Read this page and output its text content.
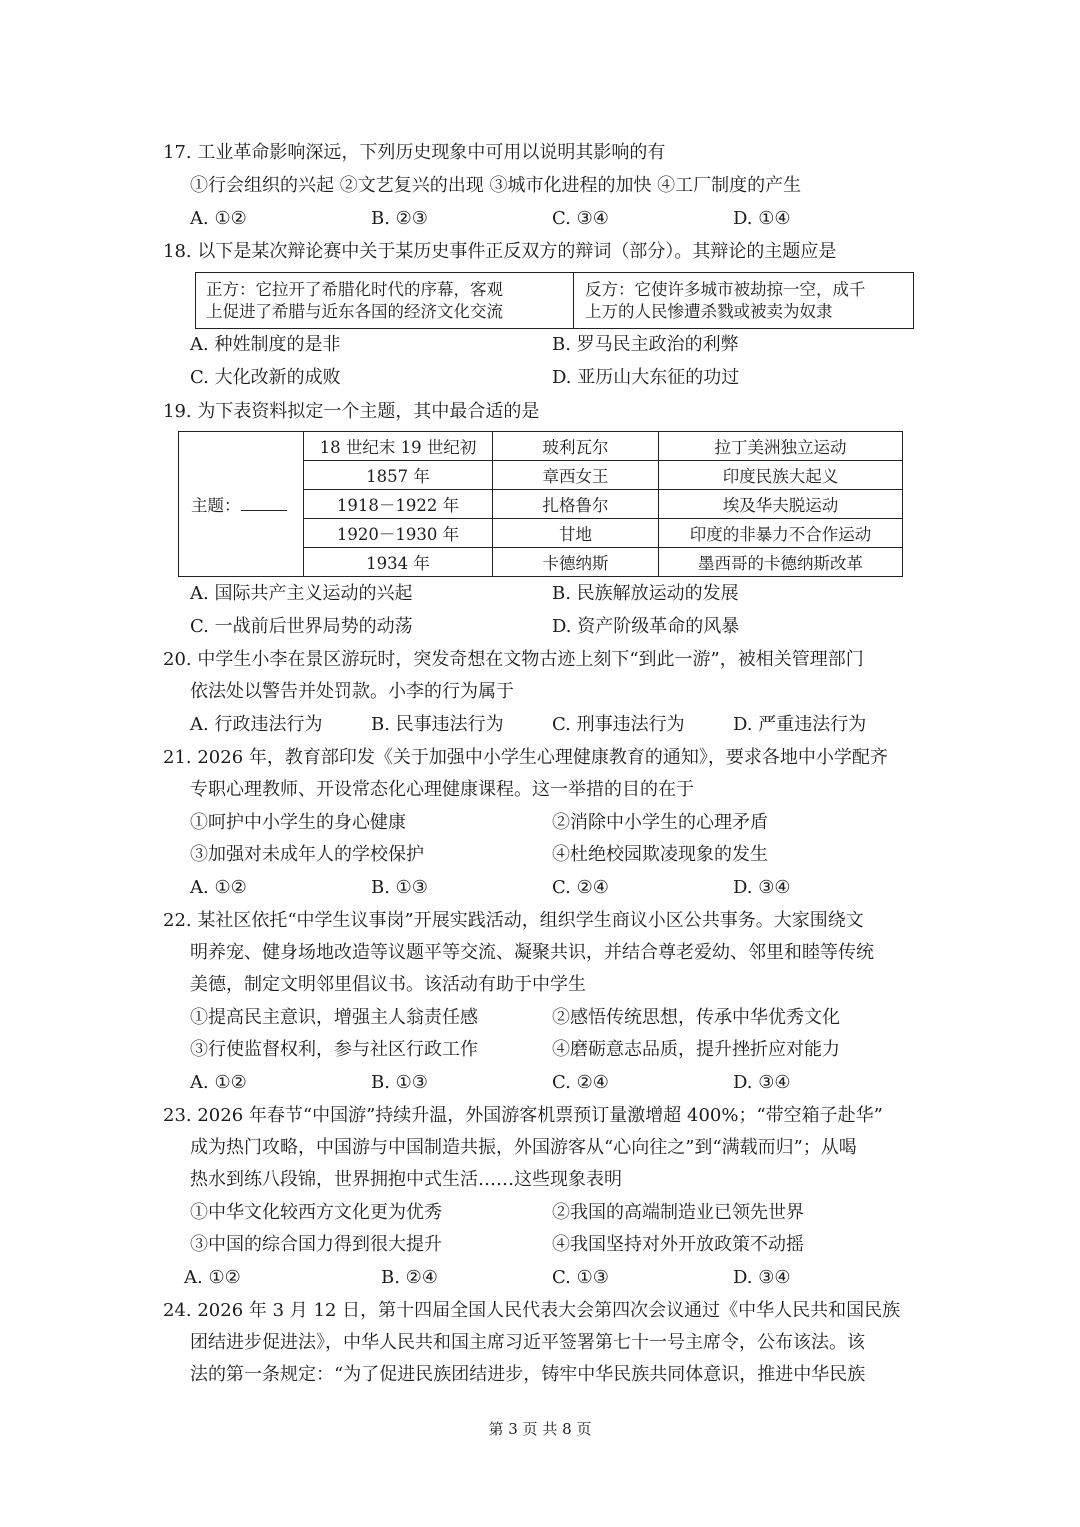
17. 工业革命影响深远，下列历史现象中可用以说明其影响的有
①行会组织的兴起 ②文艺复兴的出现 ③城市化进程的加快 ④工厂制度的产生
A. ①②	B. ②③	C. ③④	D. ①④
18. 以下是某次辩论赛中关于某历史事件正反双方的辩词（部分）。其辩论的主题应是
正方：它拉开了希腊化时代的序幕，客观
上促进了希腊与近东各国的经济文化交流
反方：它使许多城市被劫掠一空，成千
上万的人民惨遭杀戮或被卖为奴隶
A. 种姓制度的是非	B. 罗马民主政治的利弊
C. 大化改新的成败	D. 亚历山大东征的功过
19. 为下表资料拟定一个主题，其中最合适的是
主题：	18 世纪末 19 世纪初	玻利瓦尔	拉丁美洲独立运动
	1857 年	章西女王	印度民族大起义
	1918－1922 年	扎格鲁尔	埃及华夫脱运动
	1920－1930 年	甘地	印度的非暴力不合作运动
	1934 年	卡德纳斯	墨西哥的卡德纳斯改革
A. 国际共产主义运动的兴起	B. 民族解放运动的发展
C. 一战前后世界局势的动荡	D. 资产阶级革命的风暴
20. 中学生小李在景区游玩时，突发奇想在文物古迹上刻下“到此一游”，被相关管理部门
依法处以警告并处罚款。小李的行为属于
A. 行政违法行为	B. 民事违法行为	C. 刑事违法行为	D. 严重违法行为
21. 2026 年，教育部印发《关于加强中小学生心理健康教育的通知》，要求各地中小学配齐
专职心理教师、开设常态化心理健康课程。这一举措的目的在于
①呵护中小学生的身心健康	②消除中小学生的心理矛盾
③加强对未成年人的学校保护	④杜绝校园欺凌现象的发生
A. ①②	B. ①③	C. ②④	D. ③④
22. 某社区依托“中学生议事岗”开展实践活动，组织学生商议小区公共事务。大家围绕文
明养宠、健身场地改造等议题平等交流、凝聚共识，并结合尊老爱幼、邻里和睦等传统
美德，制定文明邻里倡议书。该活动有助于中学生
①提高民主意识，增强主人翁责任感	②感悟传统思想，传承中华优秀文化
③行使监督权利，参与社区行政工作	④磨砺意志品质，提升挫折应对能力
A. ①②	B. ①③	C. ②④	D. ③④
23. 2026 年春节“中国游”持续升温，外国游客机票预订量激增超 400%；“带空箱子赴华”
成为热门攻略，中国游与中国制造共振，外国游客从“心向往之”到“满载而归”；从喝
热水到练八段锦，世界拥抱中式生活……这些现象表明
①中华文化较西方文化更为优秀	②我国的高端制造业已领先世界
③中国的综合国力得到很大提升	④我国坚持对外开放政策不动摇
A. ①②	B. ②④	C. ①③	D. ③④
24. 2026 年 3 月 12 日，第十四届全国人民代表大会第四次会议通过《中华人民共和国民族
团结进步促进法》，中华人民共和国主席习近平签署第七十一号主席令，公布该法。该
法的第一条规定：“为了促进民族团结进步，铸牢中华民族共同体意识，推进中华民族
第 3 页 共 8 页
